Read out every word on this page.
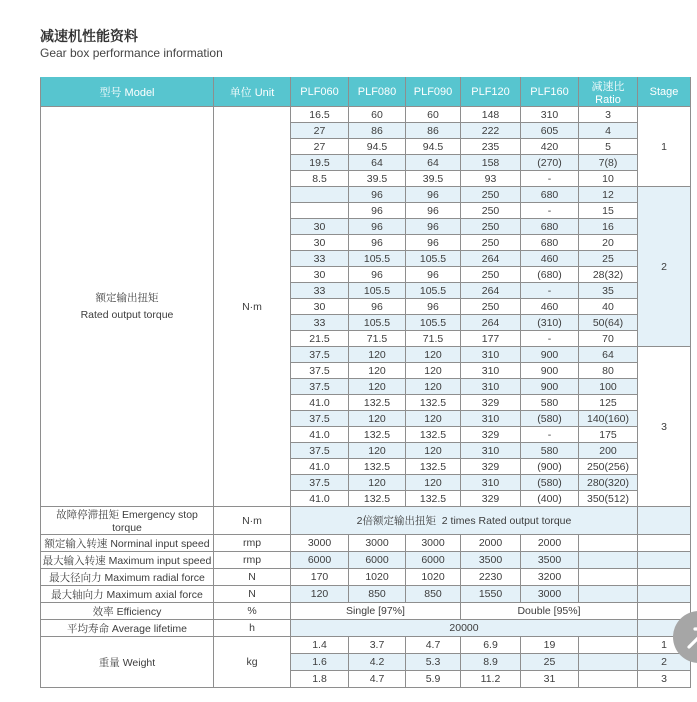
减速机性能资料
Gear box performance information
型号 Model	单位 Unit	PLF060	PLF080	PLF090	PLF120	PLF160	减速比 Ratio	Stage

额定输出扭矩
Rated output torque	N·m	16.5	60	60	148	310	3	1
		27	86	86	222	605	4	
		27	94.5	94.5	235	420	5	
		19.5	64	64	158	(270)	7(8)	
		8.5	39.5	39.5	93	-	10	
			96	96	250	680	12	2
			96	96	250	-	15	
		30	96	96	250	680	16	
		30	96	96	250	680	20	
		33	105.5	105.5	264	460	25	
		30	96	96	250	(680)	28(32)	
		33	105.5	105.5	264	-	35	
		30	96	96	250	460	40	
		33	105.5	105.5	264	(310)	50(64)	
		21.5	71.5	71.5	177	-	70	
		37.5	120	120	310	900	64	3
		37.5	120	120	310	900	80	
		37.5	120	120	310	900	100	
		41.0	132.5	132.5	329	580	125	
		37.5	120	120	310	(580)	140(160)	
		41.0	132.5	132.5	329	-	175	
		37.5	120	120	310	580	200	
		41.0	132.5	132.5	329	(900)	250(256)	
		37.5	120	120	310	(580)	280(320)	
		41.0	132.5	132.5	329	(400)	350(512)	
故障停滞扭矩 Emergency stop torque	N·m	2倍额定输出扭矩  2 times Rated output torque						
额定输入转速 Norminal input speed	rmp	3000	3000	3000	2000	2000		
最大输入转速 Maximum input speed	rmp	6000	6000	6000	3500	3500		
最大径向力 Maximum radial force	N	170	1020	1020	2230	3200		
最大轴向力 Maximum axial force	N	120	850	850	1550	3000		
效率 Efficiency	%	Single [97%]			Double [95%]			
平均寿命 Average lifetime	h	20000						
重量 Weight	kg	1.4	3.7	4.7	6.9	19		1
		1.6	4.2	5.3	8.9	25		2
		1.8	4.7	5.9	11.2	31		3
